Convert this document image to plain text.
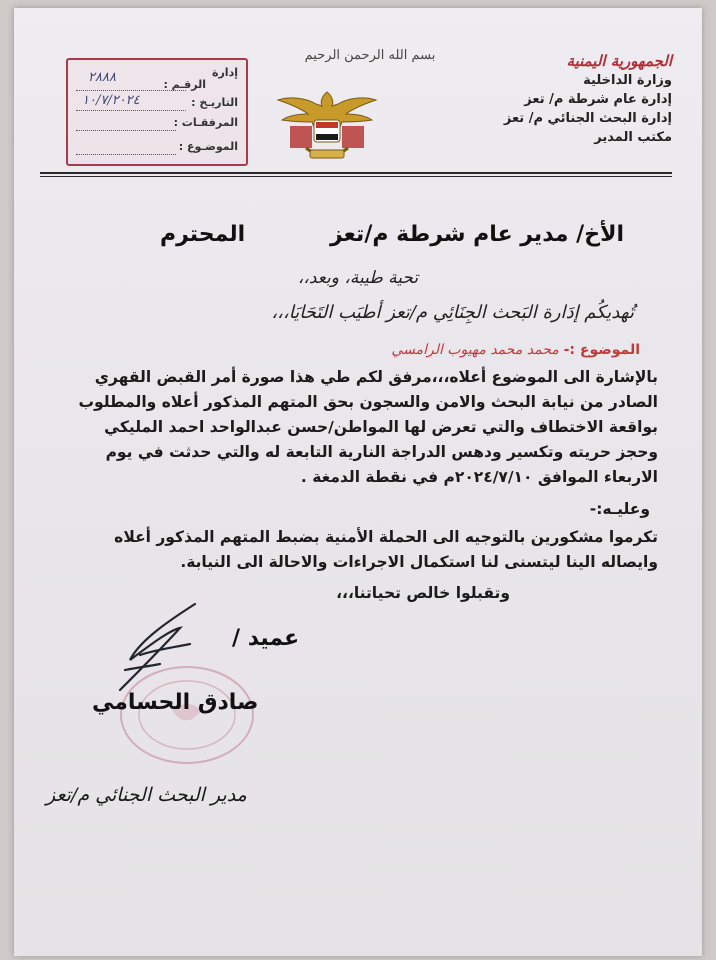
بسم الله الرحمن الرحيم	الجمهورية اليمنية
وزارة الداخلية
إدارة عام شرطة م/ تعز
إدارة البحث الجنائي م/ تعز
مكتب المدير
إدارة
الرقـم :
٢٨٨٨
التاريـخ :
١٠/٧/٢٠٢٤
المرفقـات :
الموضـوع :
الأخ/ مدير عام شرطة م/تعز
المحترم
تحية طيبة، وبعد،،
تُهديكُم إدَارة البَحث الجِنَائِي م/تعز أطيَب التَحَايَا،،،
الموضوع :- محمد محمد مهيوب الرامسي
بالإشارة الى الموضوع أعلاه،،،مرفق لكم طي هذا صورة أمر القبض القهري
الصادر من نيابة البحث والامن والسجون بحق المتهم المذكور أعلاه والمطلوب
بواقعة الاختطاف والتي تعرض لها المواطن/حسن عبدالواحد احمد المليكي
وحجز حريته وتكسير ودهس الدراجة النارية التابعة له والتي حدثت في يوم
الاربعاء الموافق ٢٠٢٤/٧/١٠م في نقطة الدمغة .
وعليـه:-
تكرموا مشكورين بالتوجيه الى الحملة الأمنية بضبط المتهم المذكور أعلاه
وايصاله الينا ليتسنى لنا استكمال الاجراءات والاحالة الى النيابة.
وتقبلوا خالص تحياتنا،،،
عميد /
صادق الحسامي
مدير البحث الجنائي م/تعز
